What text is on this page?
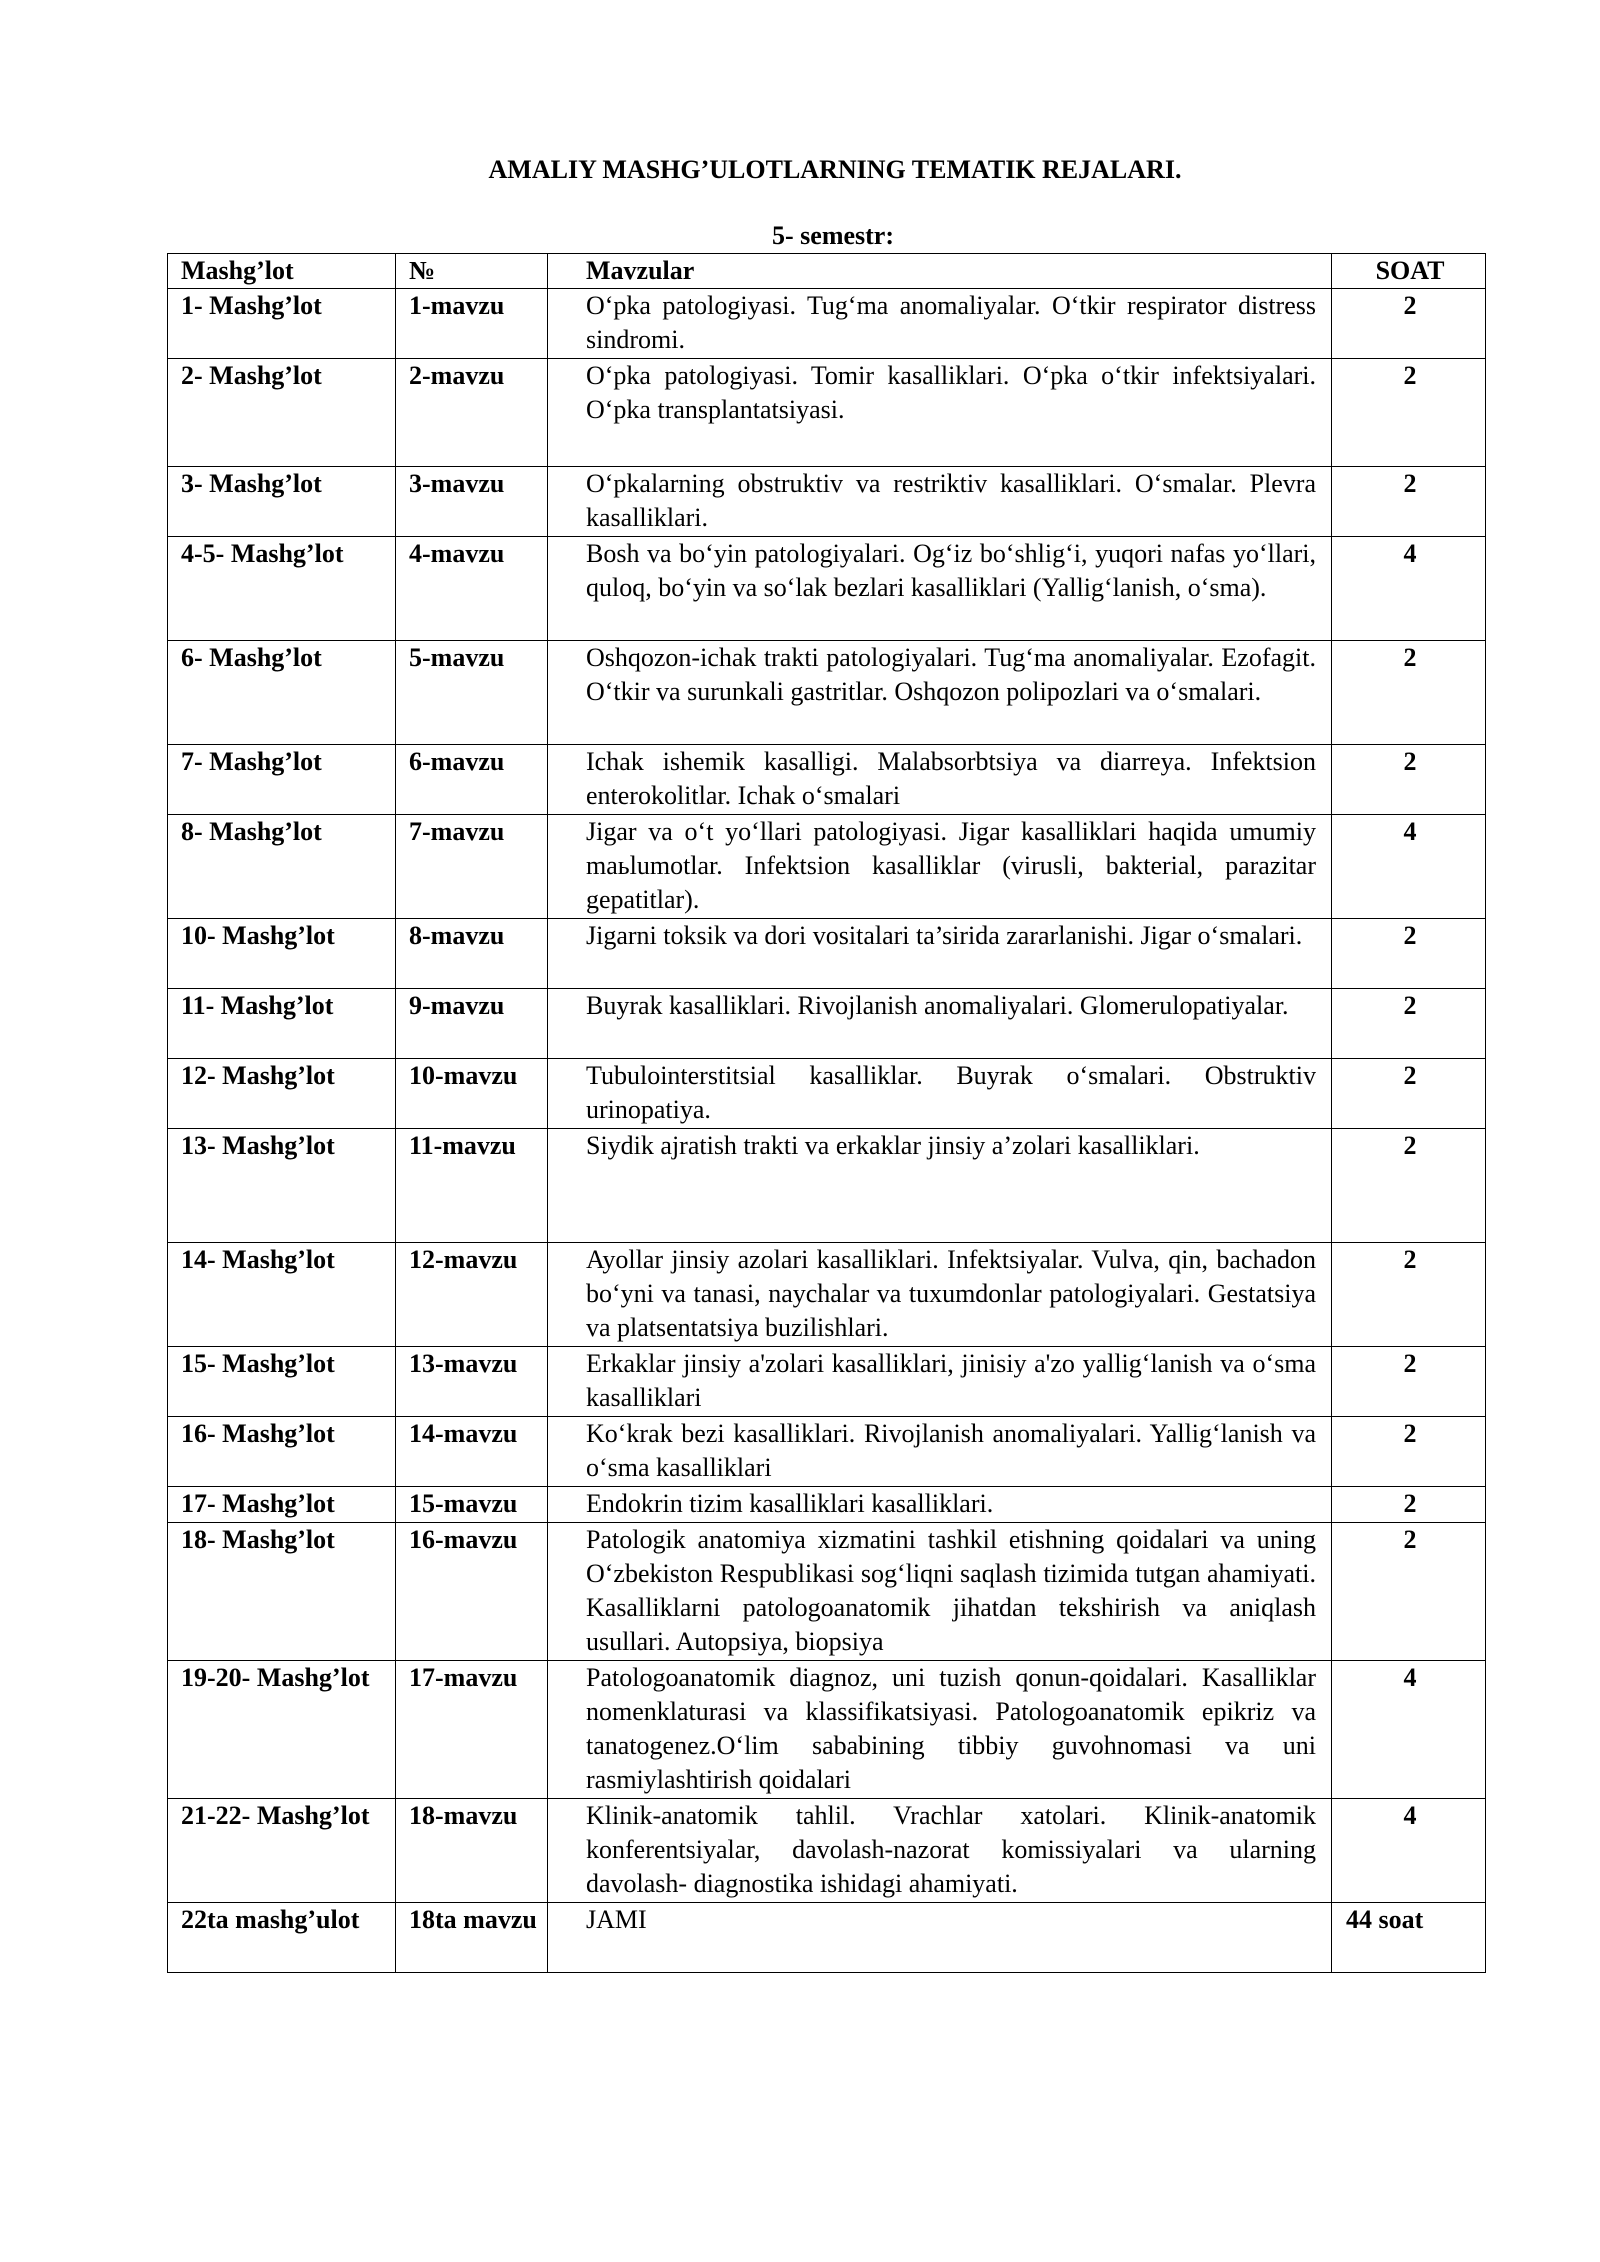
AMALIY MASHG’ULOTLARNING TEMATIK REJALARI.
5- semestr:
Mashg’lot	№	Mavzular	SOAT
1- Mashg’lot	1-mavzu	O‘pka patologiyasi. Tug‘ma anomaliyalar. O‘tkir respirator distress sindromi.	2
2- Mashg’lot	2-mavzu	O‘pka patologiyasi. Tomir kasalliklari. O‘pka o‘tkir infektsiyalari. O‘pka transplantatsiyasi.	2
3- Mashg’lot	3-mavzu	O‘pkalarning obstruktiv va restriktiv kasalliklari. O‘smalar. Plevra kasalliklari.	2
4-5- Mashg’lot	4-mavzu	Bosh va bo‘yin patologiyalari. Og‘iz bo‘shlig‘i, yuqori nafas yo‘llari, quloq, bo‘yin va so‘lak bezlari kasalliklari (Yallig‘lanish, o‘sma).	4
6- Mashg’lot	5-mavzu	Oshqozon-ichak trakti patologiyalari. Tug‘ma anomaliyalar. Ezofagit. O‘tkir va surunkali gastritlar. Oshqozon polipozlari va o‘smalari.	2
7- Mashg’lot	6-mavzu	Ichak ishemik kasalligi. Malabsorbtsiya va diarreya. Infektsion enterokolitlar. Ichak o‘smalari	2
8- Mashg’lot	7-mavzu	Jigar va o‘t yo‘llari patologiyasi. Jigar kasalliklari haqida umumiy maьlumotlar. Infektsion kasalliklar (virusli, bakterial, parazitar gepatitlar).	4
10- Mashg’lot	8-mavzu	Jigarni toksik va dori vositalari ta’sirida zararlanishi. Jigar o‘smalari.	2
11- Mashg’lot	9-mavzu	Buyrak kasalliklari. Rivojlanish anomaliyalari. Glomerulopatiyalar.	2
12- Mashg’lot	10-mavzu	Tubulointerstitsial kasalliklar. Buyrak o‘smalari. Obstruktiv urinopatiya.	2
13- Mashg’lot	11-mavzu	Siydik ajratish trakti va erkaklar jinsiy a’zolari kasalliklari.	2
14- Mashg’lot	12-mavzu	Ayollar jinsiy azolari kasalliklari. Infektsiyalar. Vulva, qin, bachadon bo‘yni va tanasi, naychalar va tuxumdonlar patologiyalari. Gestatsiya va platsentatsiya buzilishlari.	2
15- Mashg’lot	13-mavzu	Erkaklar jinsiy a'zolari kasalliklari, jinisiy a'zo yallig‘lanish va o‘sma kasalliklari	2
16- Mashg’lot	14-mavzu	Ko‘krak bezi kasalliklari. Rivojlanish anomaliyalari. Yallig‘lanish va o‘sma kasalliklari	2
17- Mashg’lot	15-mavzu	Endokrin tizim kasalliklari kasalliklari.	2
18- Mashg’lot	16-mavzu	Patologik anatomiya xizmatini tashkil etishning qoidalari va uning O‘zbekiston Respublikasi sog‘liqni saqlash tizimida tutgan ahamiyati. Kasalliklarni patologoanatomik jihatdan tekshirish va aniqlash usullari. Autopsiya, biopsiya	2
19-20- Mashg’lot	17-mavzu	Patologoanatomik diagnoz, uni tuzish qonun-qoidalari. Kasalliklar nomenklaturasi va klassifikatsiyasi. Patologoanatomik epikriz va tanatogenez.O‘lim sababining tibbiy guvohnomasi va uni rasmiylashtirish qoidalari	4
21-22- Mashg’lot	18-mavzu	Klinik-anatomik tahlil. Vrachlar xatolari. Klinik-anatomik konferentsiyalar, davolash-nazorat komissiyalari va ularning davolash- diagnostika ishidagi ahamiyati.	4
22ta mashg’ulot	18ta mavzu	JAMI	44 soat
